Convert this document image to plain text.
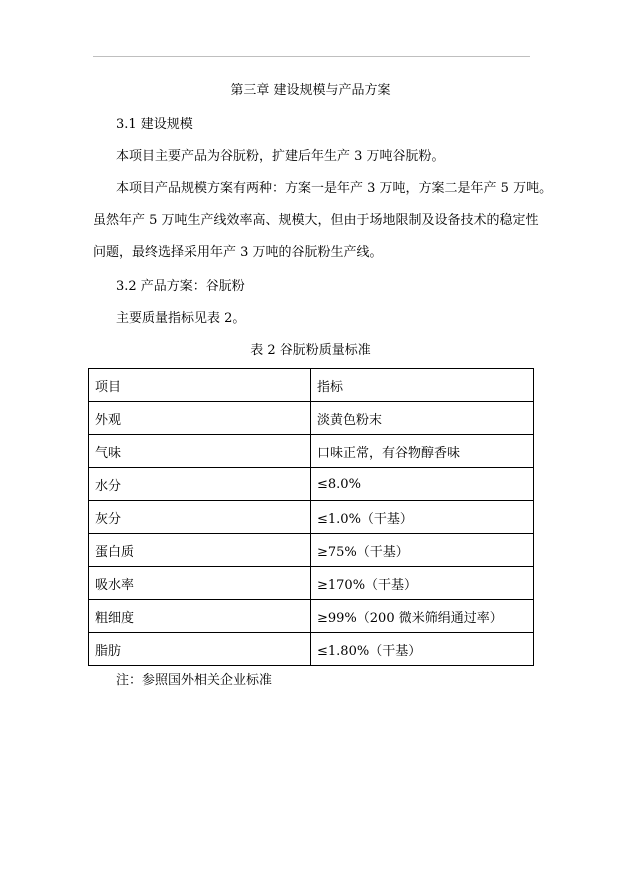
第三章 建设规模与产品方案
3.1 建设规模
本项目主要产品为谷朊粉，扩建后年生产 3 万吨谷朊粉。
本项目产品规模方案有两种：方案一是年产 3 万吨，方案二是年产 5 万吨。
虽然年产 5 万吨生产线效率高、规模大，但由于场地限制及设备技术的稳定性
问题，最终选择采用年产 3 万吨的谷朊粉生产线。
3.2 产品方案：谷朊粉
主要质量指标见表 2。
表 2 谷朊粉质量标准
项目	指标
外观	淡黄色粉末
气味	口味正常，有谷物醇香味
水分	≤8.0%
灰分	≤1.0%（干基）
蛋白质	≥75%（干基）
吸水率	≥170%（干基）
粗细度	≥99%（200 微米筛绢通过率）
脂肪	≤1.80%（干基）
注：参照国外相关企业标准
